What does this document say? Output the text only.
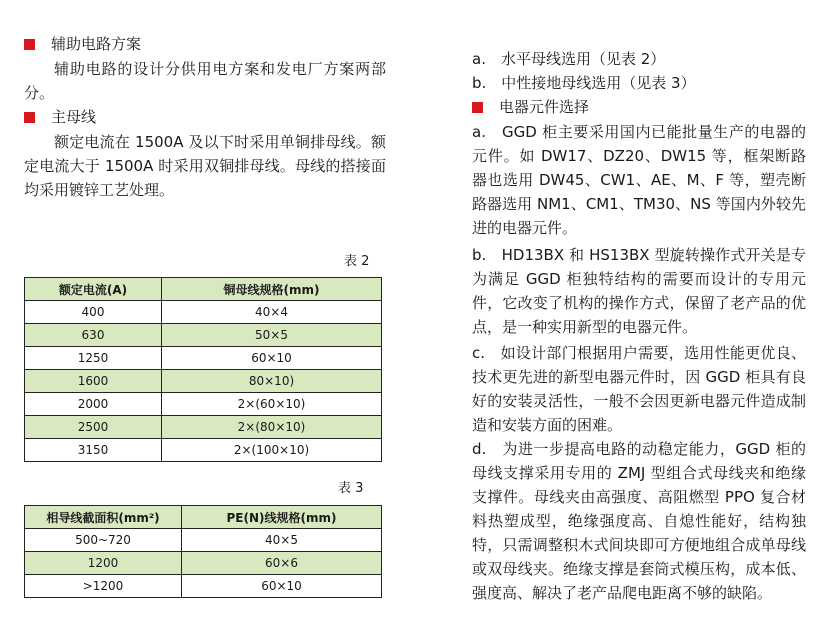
辅助电路方案
辅助电路的设计分供用电方案和发电厂方案两部分。
主母线
额定电流在 1500A 及以下时采用单铜排母线。额定电流大于 1500A 时采用双铜排母线。母线的搭接面均采用镀锌工艺处理。
表 2
额定电流(A)	铜母线规格(mm)
400	40×4
630	50×5
1250	60×10
1600	80×10)
2000	2×(60×10)
2500	2×(80×10)
3150	2×(100×10)
表 3
相导线截面积(mm²)	PE(N)线规格(mm)
500~720	40×5
1200	60×6
>1200	60×10
a.　水平母线选用（见表 2）
b.　中性接地母线选用（见表 3）
电器元件选择
a.　GGD 柜主要采用国内已能批量生产的电器的元件。如 DW17、DZ20、DW15 等，框架断路器也选用 DW45、CW1、AE、M、F 等，塑壳断路器选用 NM1、CM1、TM30、NS 等国内外较先进的电器元件。
b.　HD13BX 和 HS13BX 型旋转操作式开关是专为满足 GGD 柜独特结构的需要而设计的专用元件，它改变了机构的操作方式，保留了老产品的优点，是一种实用新型的电器元件。
c.　如设计部门根据用户需要，选用性能更优良、技术更先进的新型电器元件时，因 GGD 柜具有良好的安装灵活性，一般不会因更新电器元件造成制造和安装方面的困难。
d.　为进一步提高电路的动稳定能力，GGD 柜的母线支撑采用专用的 ZMJ 型组合式母线夹和绝缘支撑件。母线夹由高强度、高阻燃型 PPO 复合材料热塑成型，绝缘强度高、自熄性能好，结构独特，只需调整积木式间块即可方便地组合成单母线或双母线夹。绝缘支撑是套筒式模压构，成本低、强度高、解决了老产品爬电距离不够的缺陷。
